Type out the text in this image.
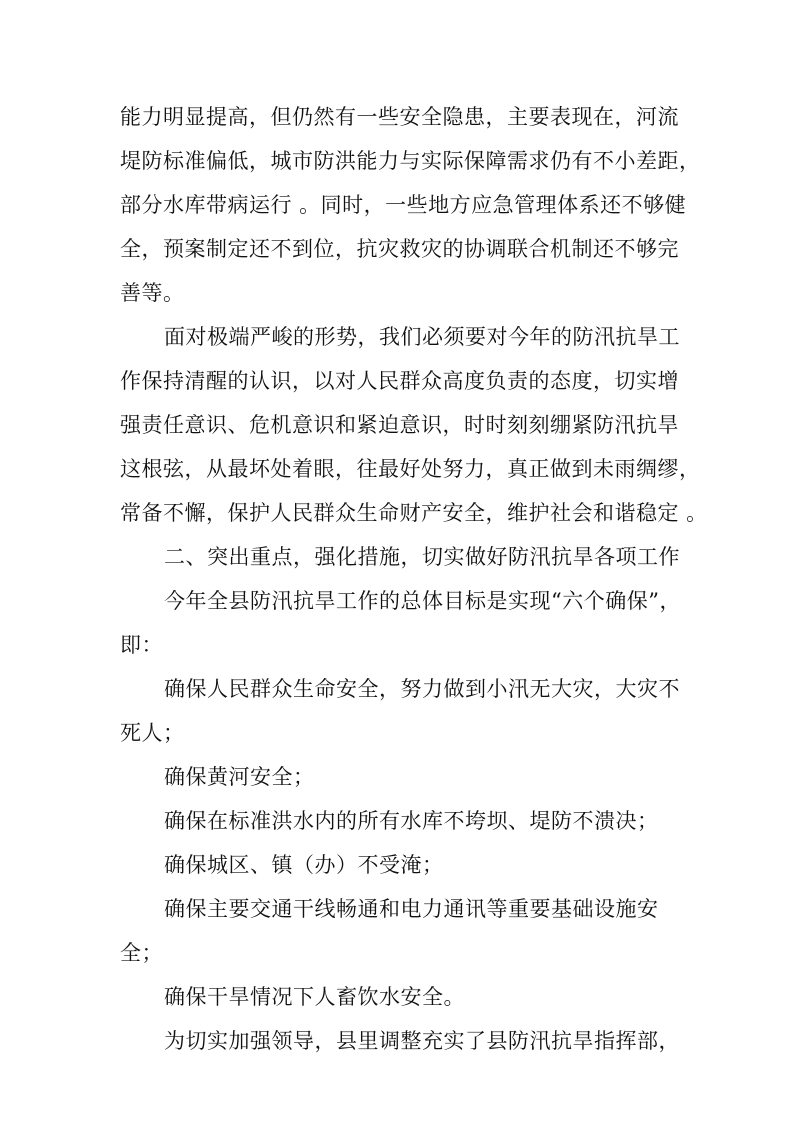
能力明显提高，但仍然有一些安全隐患，主要表现在，河流
堤防标准偏低，城市防洪能力与实际保障需求仍有不小差距，
部分水库带病运行 。同时，一些地方应急管理体系还不够健
全，预案制定还不到位，抗灾救灾的协调联合机制还不够完
善等。
面对极端严峻的形势，我们必须要对今年的防汛抗旱工
作保持清醒的认识，以对人民群众高度负责的态度，切实增
强责任意识、危机意识和紧迫意识，时时刻刻绷紧防汛抗旱
这根弦，从最坏处着眼，往最好处努力，真正做到未雨绸缪，
常备不懈，保护人民群众生命财产安全，维护社会和谐稳定 。
二、突出重点，强化措施，切实做好防汛抗旱各项工作
今年全县防汛抗旱工作的总体目标是实现“六个确保”，
即：
确保人民群众生命安全，努力做到小汛无大灾，大灾不
死人；
确保黄河安全；
确保在标准洪水内的所有水库不垮坝、堤防不溃决；
确保城区、镇（办）不受淹；
确保主要交通干线畅通和电力通讯等重要基础设施安
全；
确保干旱情况下人畜饮水安全。
为切实加强领导，县里调整充实了县防汛抗旱指挥部，
